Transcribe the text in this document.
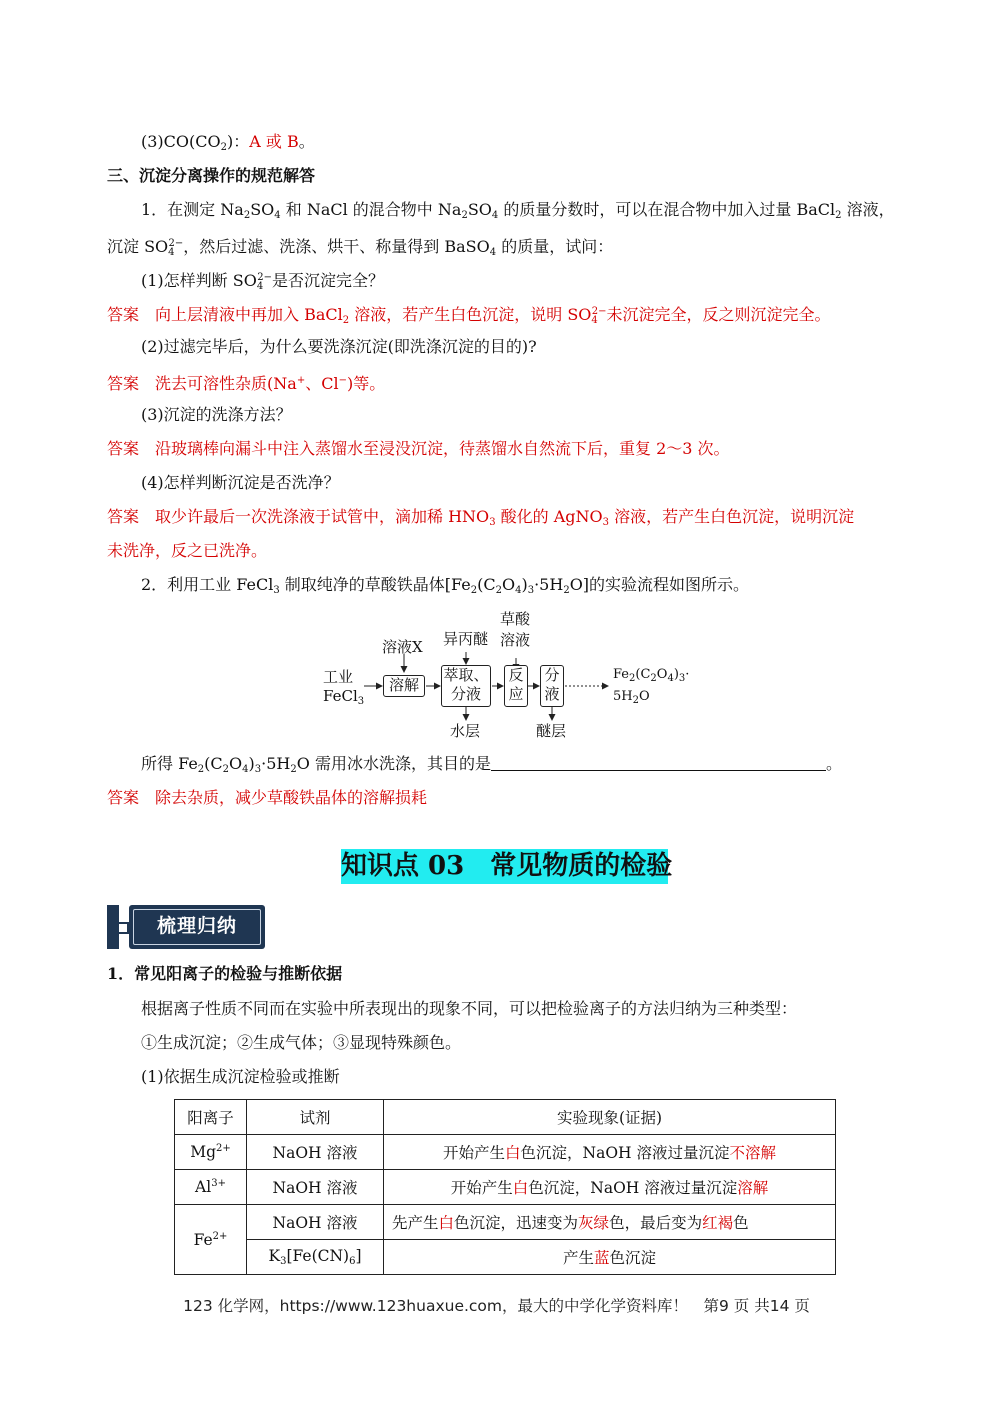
$(3)CO(CO_2)$：A 或 B。
三、沉淀分离操作的规范解答
1．在测定 $Na_2SO_4$ 和 NaCl 的混合物中 $Na_2SO_4$ 的质量分数时，可以在混合物中加入过量 BaCl$_2$ 溶液，
沉淀 $SO_4^{2-}$，然后过滤、洗涤、烘干、称量得到 BaSO$_4$ 的质量，试问：
(1)怎样判断 $SO_4^{2-}$是否沉淀完全？
答案 向上层清液中再加入 BaCl$_2$ 溶液，若产生白色沉淀，说明 $SO_4^{2-}$未沉淀完全，反之则沉淀完全。
(2)过滤完毕后，为什么要洗涤沉淀(即洗涤沉淀的目的)?
答案 洗去可溶性杂质(Na+、Cl−)等。
(3)沉淀的洗涤方法？
答案 沿玻璃棒向漏斗中注入蒸馏水至浸没沉淀，待蒸馏水自然流下后，重复 2～3 次。
(4)怎样判断沉淀是否洗净？
答案 取少许最后一次洗涤液于试管中，滴加稀 $HNO_3$ 酸化的 AgNO$_3$ 溶液，若产生白色沉淀，说明沉淀
未洗净，反之已洗净。
2．利用工业 FeCl$_3$ 制取纯净的草酸铁晶体$[Fe_2(C_2O_4)_3\cdot 5H_2O]$的实验流程如图所示。
工业
FeCl$_3$
溶液X
溶解
异丙醚
萃取、
分液
草酸
溶液
反
应
分
液
水层	醚层
$Fe_2(C_2O_4)_3\cdot$
$5H_2O$
所得 $Fe_2(C_2O_4)_3\cdot 5H_2O$ 需用冰水洗涤，其目的是	。
答案 除去杂质，减少草酸铁晶体的溶解损耗
知识点 03　常见物质的检验
梳理归纳
1．常见阳离子的检验与推断依据
根据离子性质不同而在实验中所表现出的现象不同，可以把检验离子的方法归纳为三种类型：
①生成沉淀；②生成气体；③显现特殊颜色。
(1)依据生成沉淀检验或推断
阳离子	试剂	实验现象(证据)
$Mg^{2+}$	NaOH 溶液	开始产生白色沉淀，NaOH 溶液过量沉淀不溶解
$Al^{3+}$	NaOH 溶液	开始产生白色沉淀，NaOH 溶液过量沉淀溶解
$Fe^{2+}$	NaOH 溶液	先产生白色沉淀，迅速变为灰绿色，最后变为红褐色
	$K_3[Fe(CN)_6]$	产生蓝色沉淀
123 化学网，https://www.123huaxue.com，最大的中学化学资料库！　第9 页 共14 页
